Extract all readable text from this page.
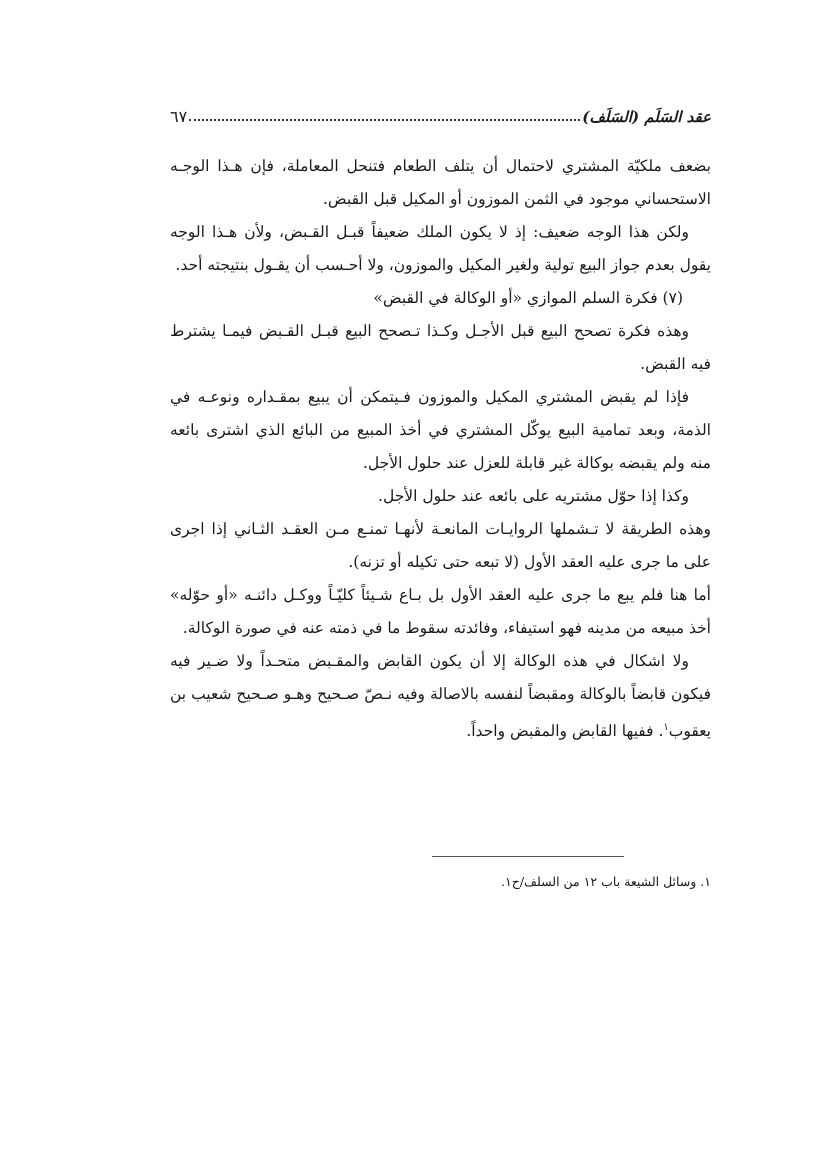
عقد السَلَم (السَلَف)
٦٧

بضعف ملكيّة المشتري لاحتمال أن يتلف الطعام فتنحل المعاملة، فإن هـذا الوجـه الاستحساني موجود في الثمن الموزون أو المكيل قبل القبض.

ولكن هذا الوجه ضعيف: إذ لا يكون الملك ضعيفاً قبـل القـبض، ولأن هـذا الوجه يقول بعدم جواز البيع تولية ولغير المكيل والموزون، ولا أحـسب أن يقـول بنتيجته أحد.

(٧) فكرة السلم الموازي «أو الوكالة في القبض»

وهذه فكرة تصحح البيع قبل الأجـل وكـذا تـصحح البيع قبـل القـبض فيمـا يشترط فيه القبض.

فإذا لم يقبض المشتري المكيل والموزون فـيتمكن أن يبيع بمقـداره ونوعـه في الذمة، وبعد تمامية البيع يوكّل المشتري في أخذ المبيع من البائع الذي اشترى بائعه منه ولم يقبضه بوكالة غير قابلة للعزل عند حلول الأجل.

وكذا إذا حوّل مشتريه على بائعه عند حلول الأجل.

وهذه الطريقة لا تـشملها الروايـات المانعـة لأنهـا تمنـع مـن العقـد الثـاني إذا اجرى على ما جرى عليه العقد الأول (لا تبعه حتى تكيله أو تزنه).

أما هنا فلم يبع ما جرى عليه العقد الأول بل بـاع شـيئاً كليّـاً ووكـل دائنـه «أو حوّله» أخذ مبيعه من مدينه فهو استيفاء، وفائدته سقوط ما في ذمته عنه في صورة الوكالة.

ولا اشكال في هذه الوكالة إلا أن يكون القابض والمقـبض متحـداً ولا ضـير فيه فيكون قابضاً بالوكالة ومقبضاً لنفسه بالاصالة وفيه نـصّ صـحيح وهـو صـحيح شعيب بن يعقوب$^١$. ففيها القابض والمقبض واحداً.

١. وسائل الشيعة باب ١٢ من السلف/ح١.
